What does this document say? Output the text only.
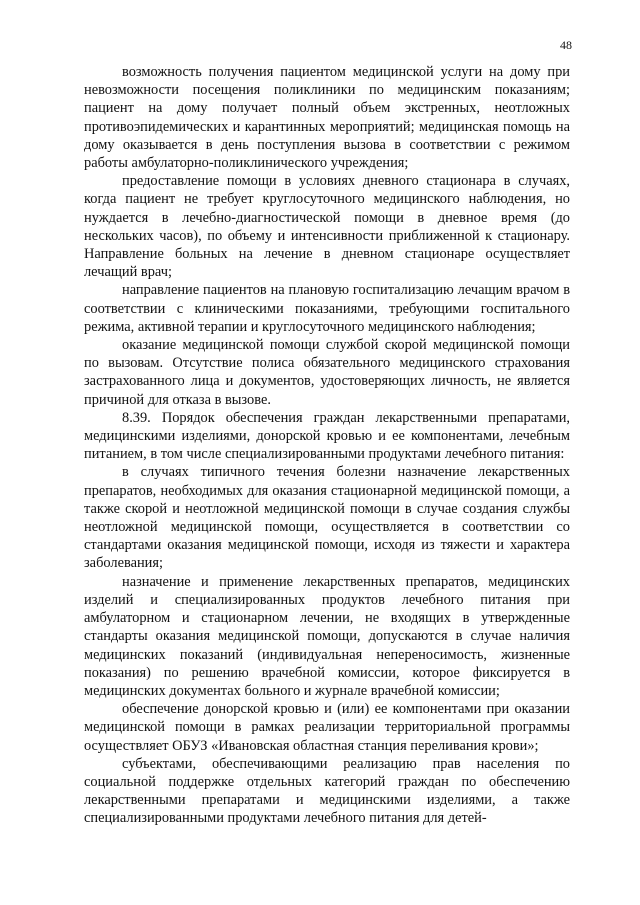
48

возможность получения пациентом медицинской услуги на дому при невозможности посещения поликлиники по медицинским показаниям; пациент на дому получает полный объем экстренных, неотложных противоэпидемических и карантинных мероприятий; медицинская помощь на дому оказывается в день поступления вызова в соответствии с режимом работы амбулаторно-поликлинического учреждения;

предоставление помощи в условиях дневного стационара в случаях, когда пациент не требует круглосуточного медицинского наблюдения, но нуждается в лечебно-диагностической помощи в дневное время (до нескольких часов), по объему и интенсивности приближенной к стационару. Направление больных на лечение в дневном стационаре осуществляет лечащий врач;

направление пациентов на плановую госпитализацию лечащим врачом в соответствии с клиническими показаниями, требующими госпитального режима, активной терапии и круглосуточного медицинского наблюдения;

оказание медицинской помощи службой скорой медицинской помощи по вызовам. Отсутствие полиса обязательного медицинского страхования застрахованного лица и документов, удостоверяющих личность, не является причиной для отказа в вызове.

8.39. Порядок обеспечения граждан лекарственными препаратами, медицинскими изделиями, донорской кровью и ее компонентами, лечебным питанием, в том числе специализированными продуктами лечебного питания:

в случаях типичного течения болезни назначение лекарственных препаратов, необходимых для оказания стационарной медицинской помощи, а также скорой и неотложной медицинской помощи в случае создания службы неотложной медицинской помощи, осуществляется в соответствии со стандартами оказания медицинской помощи, исходя из тяжести и характера заболевания;

назначение и применение лекарственных препаратов, медицинских изделий и специализированных продуктов лечебного питания при амбулаторном и стационарном лечении, не входящих в утвержденные стандарты оказания медицинской помощи, допускаются в случае наличия медицинских показаний (индивидуальная непереносимость, жизненные показания) по решению врачебной комиссии, которое фиксируется в медицинских документах больного и журнале врачебной комиссии;

обеспечение донорской кровью и (или) ее компонентами при оказании медицинской помощи в рамках реализации территориальной программы осуществляет ОБУЗ «Ивановская областная станция переливания крови»;

субъектами, обеспечивающими реализацию прав населения по социальной поддержке отдельных категорий граждан по обеспечению лекарственными препаратами и медицинскими изделиями, а также специализированными продуктами лечебного питания для детей-
